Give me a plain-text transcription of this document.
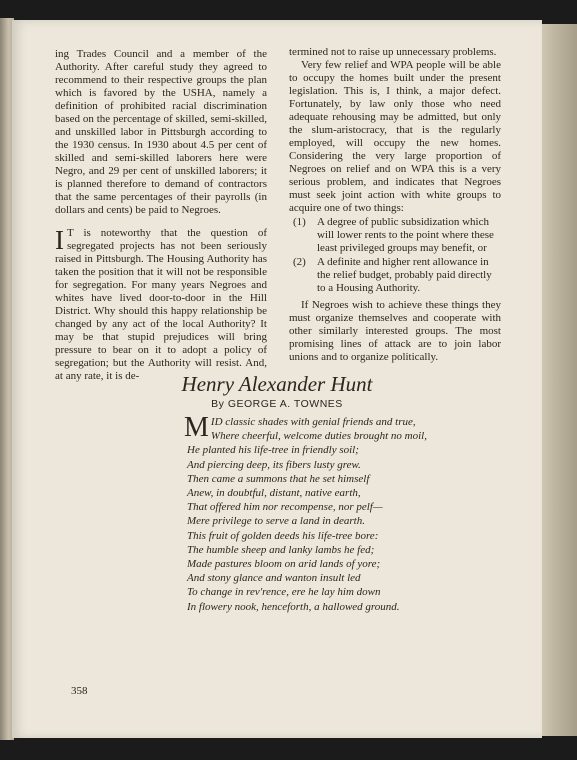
ing Trades Council and a member of the Authority. After careful study they agreed to recommend to their respective groups the plan which is favored by the USHA, namely a definition of prohibited racial discrimination based on the percentage of skilled, semi-skilled, and unskilled labor in Pittsburgh according to the 1930 census. In 1930 about 4.5 per cent of skilled and semi-skilled laborers here were Negro, and 29 per cent of unskilled laborers; it is planned therefore to demand of contractors that the same percentages of their payrolls (in dollars and cents) be paid to Negroes.

I T is noteworthy that the question of segregated projects has not been seriously raised in Pittsburgh. The Housing Authority has taken the position that it will not be responsible for segregation. For many years Negroes and whites have lived door-to-door in the Hill District. Why should this happy relationship be changed by any act of the local Authority? It may be that stupid prejudices will bring pressure to bear on it to adopt a policy of segregation; but the Authority will resist. And, at any rate, it is de-

termined not to raise up unnecessary problems.

Very few relief and WPA people will be able to occupy the homes built under the present legislation. This is, I think, a major defect. Fortunately, by law only those who need adequate rehousing may be admitted, but only the slum-aristocracy, that is the regularly employed, will occupy the new homes. Considering the very large proportion of Negroes on relief and on WPA this is a very serious problem, and indicates that Negroes must seek joint action with white groups to acquire one of two things:

(1)	A degree of public subsidization which will lower rents to the point where these least privileged groups may benefit, or
(2)	A definite and higher rent allowance in the relief budget, probably paid directly to a Housing Authority.

If Negroes wish to achieve these things they must organize themselves and cooperate with other similarly interested groups. The most promising lines of attack are to join labor unions and to organize politically.

Henry Alexander Hunt
By GEORGE A. TOWNES
M ID classic shades with genial friends and true,
Where cheerful, welcome duties brought no moil,
He planted his life-tree in friendly soil;
And piercing deep, its fibers lusty grew.
Then came a summons that he set himself
Anew, in doubtful, distant, native earth,
That offered him nor recompense, nor pelf—
Mere privilege to serve a land in dearth.
This fruit of golden deeds his life-tree bore:
The humble sheep and lanky lambs he fed;
Made pastures bloom on arid lands of yore;
And stony glance and wanton insult led
To change in rev'rence, ere he lay him down
In flowery nook, henceforth, a hallowed ground.
358
